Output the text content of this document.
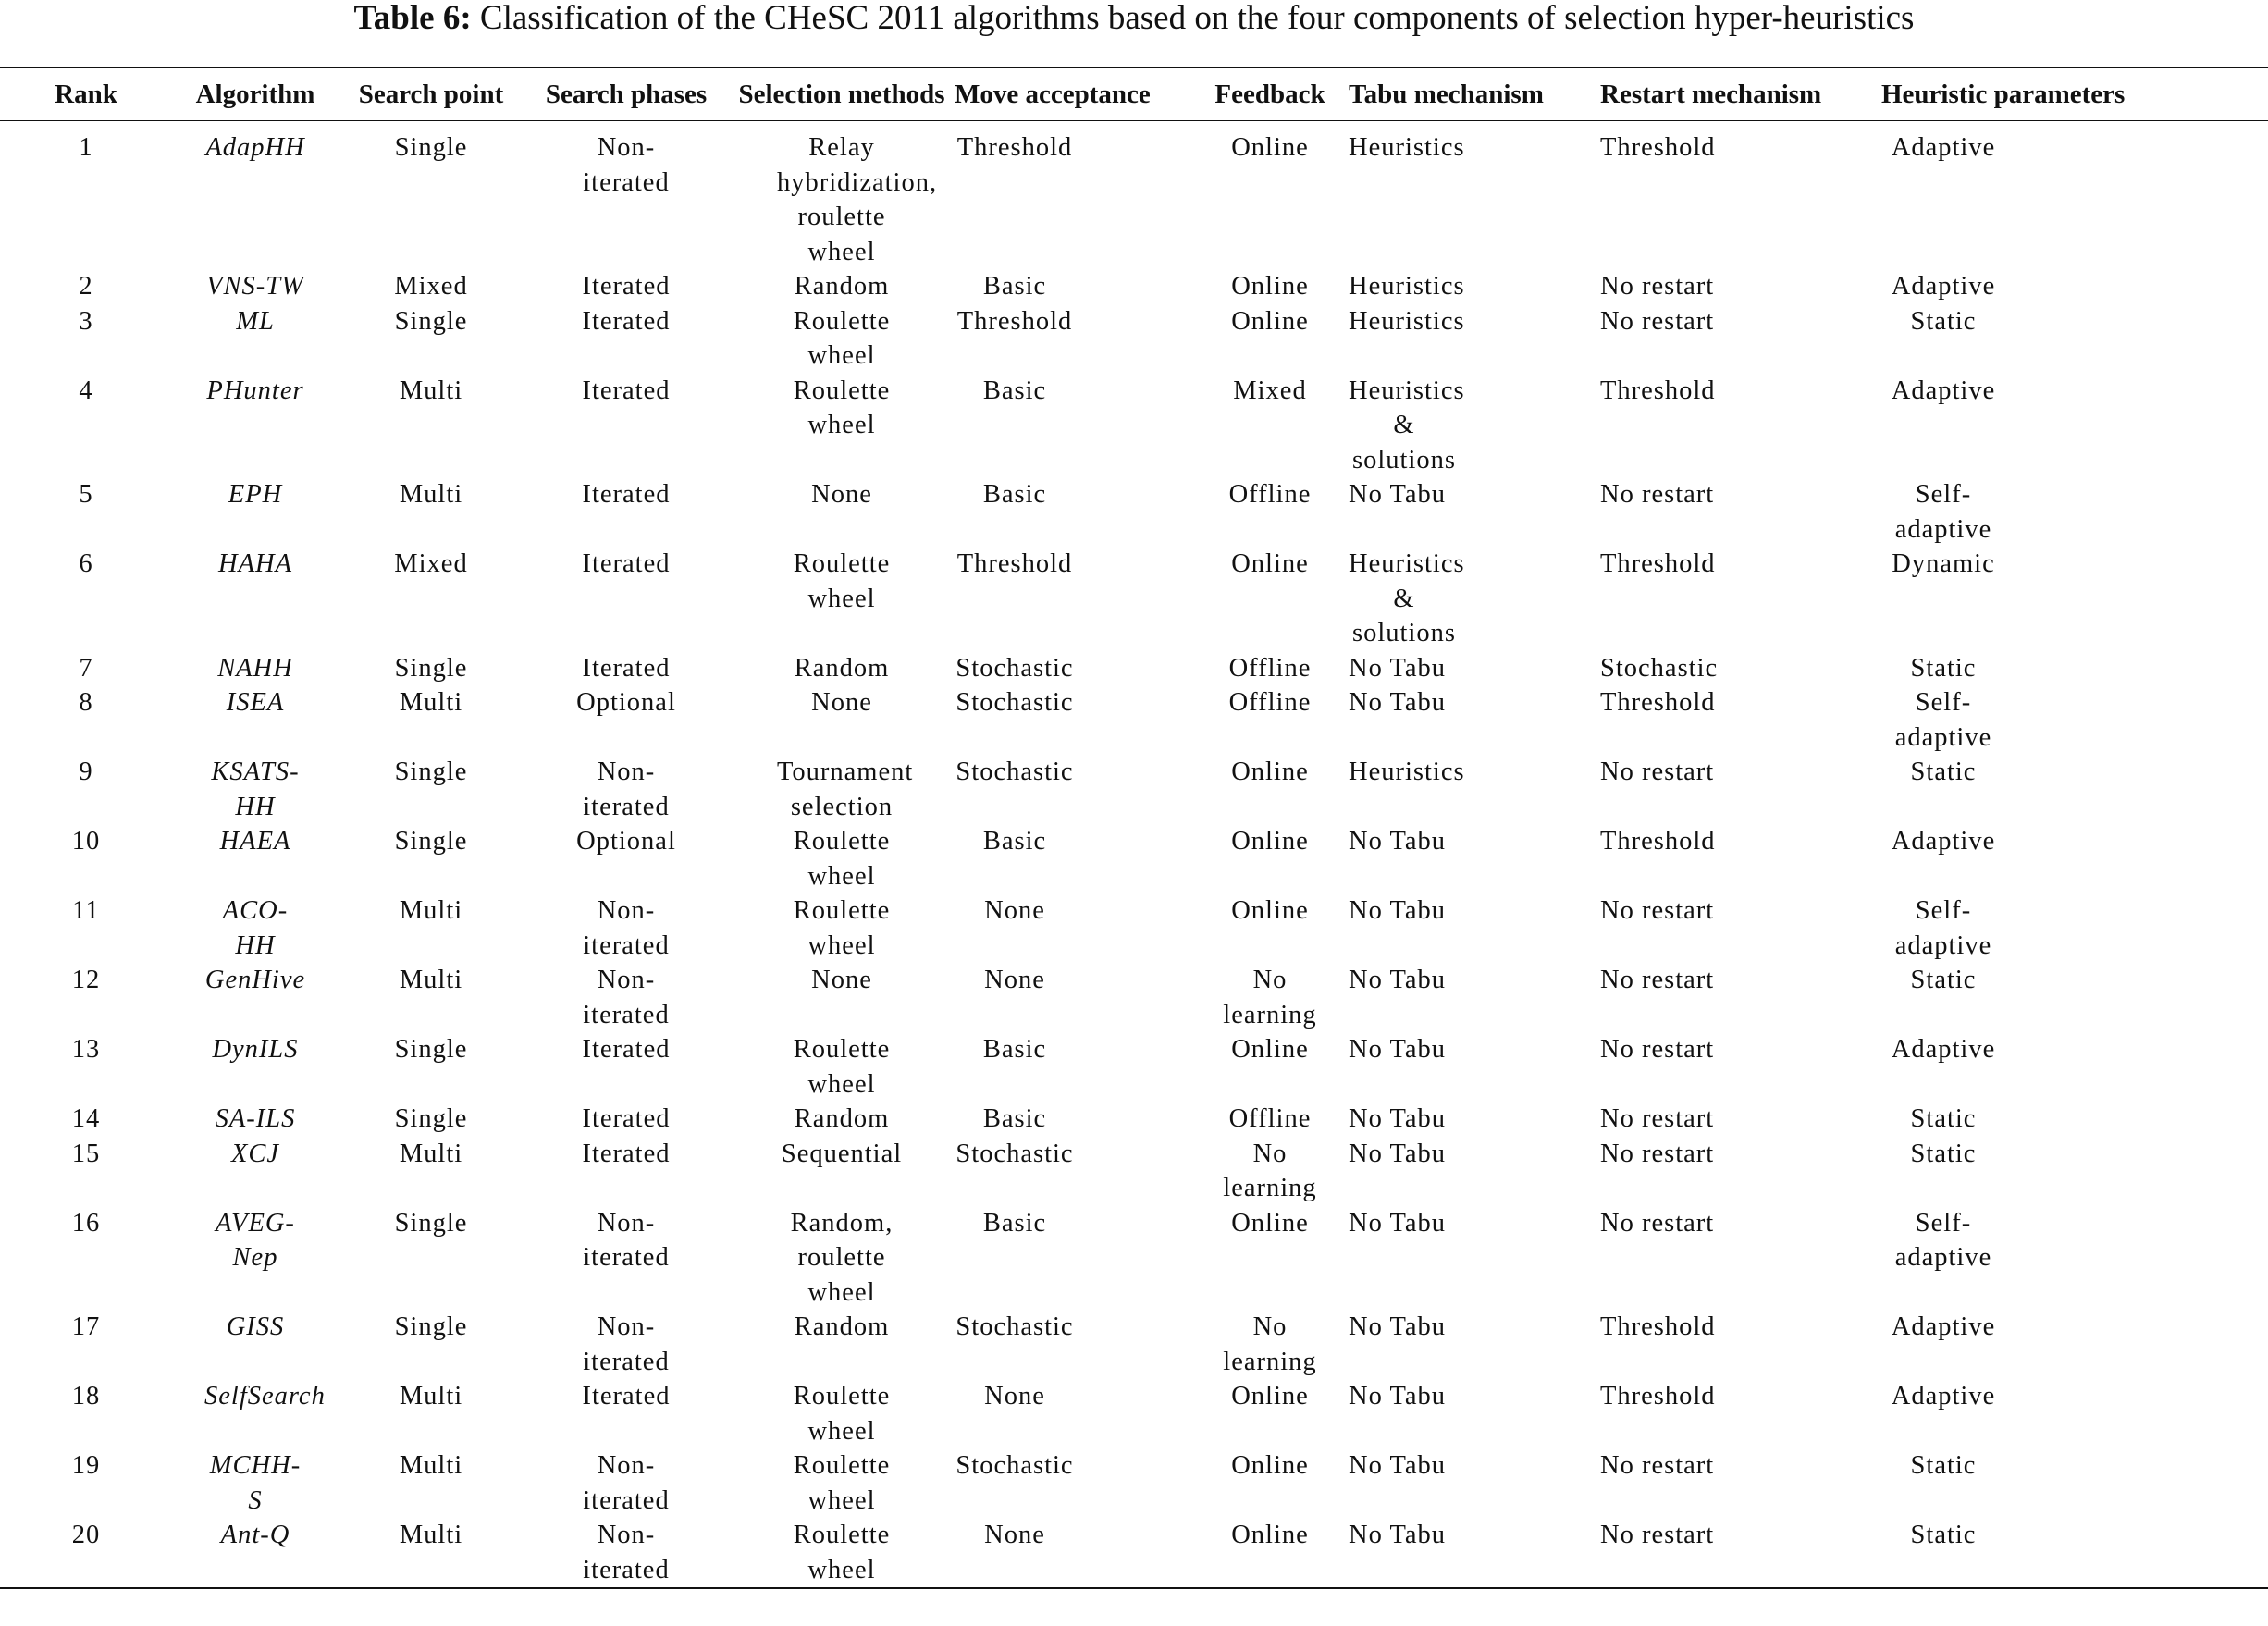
Table 6: Classification of the CHeSC 2011 algorithms based on the four components of selection hyper-heuristics
Rank	Algorithm	Search point	Search phases	Selection methods	Move acceptance	Feedback	Tabu mechanism	Restart mechanism	Heuristic parameters
1	AdapHH	Single	Non-iterated	Relay hybridization, roulette wheel	Threshold	Online	Heuristics	Threshold	Adaptive
2	VNS-TW	Mixed	Iterated	Random	Basic	Online	Heuristics	No restart	Adaptive
3	ML	Single	Iterated	Roulette wheel	Threshold	Online	Heuristics	No restart	Static
4	PHunter	Multi	Iterated	Roulette wheel	Basic	Mixed	Heuristics & solutions	Threshold	Adaptive
5	EPH	Multi	Iterated	None	Basic	Offline	No Tabu	No restart	Self-adaptive
6	HAHA	Mixed	Iterated	Roulette wheel	Threshold	Online	Heuristics & solutions	Threshold	Dynamic
7	NAHH	Single	Iterated	Random	Stochastic	Offline	No Tabu	Stochastic	Static
8	ISEA	Multi	Optional	None	Stochastic	Offline	No Tabu	Threshold	Self-adaptive
9	KSATS-HH	Single	Non-iterated	Tournament selection	Stochastic	Online	Heuristics	No restart	Static
10	HAEA	Single	Optional	Roulette wheel	Basic	Online	No Tabu	Threshold	Adaptive
11	ACO-HH	Multi	Non-iterated	Roulette wheel	None	Online	No Tabu	No restart	Self-adaptive
12	GenHive	Multi	Non-iterated	None	None	No learning	No Tabu	No restart	Static
13	DynILS	Single	Iterated	Roulette wheel	Basic	Online	No Tabu	No restart	Adaptive
14	SA-ILS	Single	Iterated	Random	Basic	Offline	No Tabu	No restart	Static
15	XCJ	Multi	Iterated	Sequential	Stochastic	No learning	No Tabu	No restart	Static
16	AVEG-Nep	Single	Non-iterated	Random, roulette wheel	Basic	Online	No Tabu	No restart	Self-adaptive
17	GISS	Single	Non-iterated	Random	Stochastic	No learning	No Tabu	Threshold	Adaptive
18	SelfSearch	Multi	Iterated	Roulette wheel	None	Online	No Tabu	Threshold	Adaptive
19	MCHH-S	Multi	Non-iterated	Roulette wheel	Stochastic	Online	No Tabu	No restart	Static
20	Ant-Q	Multi	Non-iterated	Roulette wheel	None	Online	No Tabu	No restart	Static
